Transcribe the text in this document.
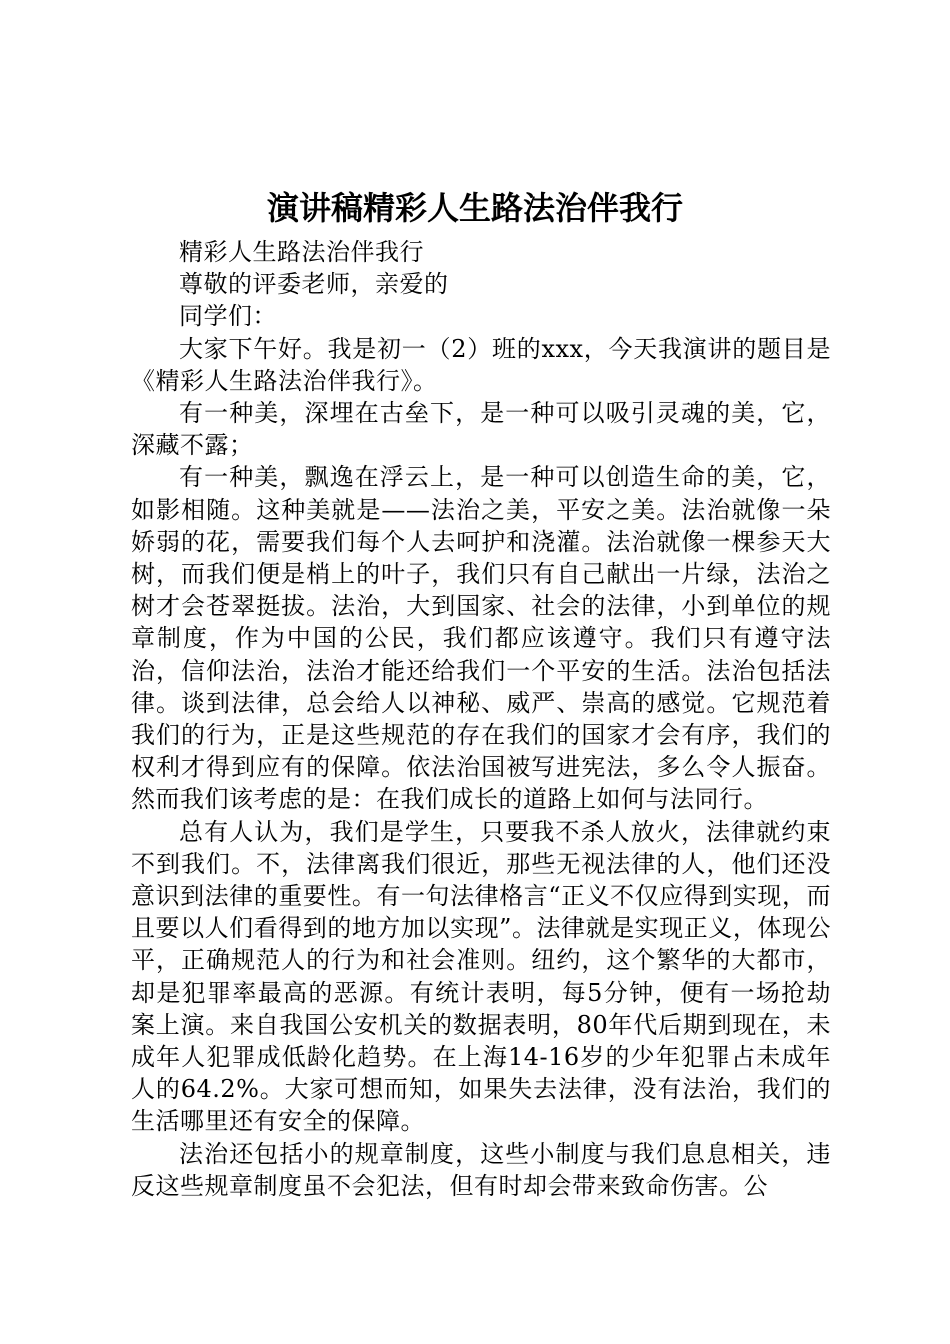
演讲稿精彩人生路法治伴我行

精彩人生路法治伴我行

尊敬的评委老师，亲爱的

同学们：

大家下午好。我是初一（2）班的xxx，今天我演讲的题目是《精彩人生路法治伴我行》。

有一种美，深埋在古垒下，是一种可以吸引灵魂的美，它，深藏不露；

有一种美，飘逸在浮云上，是一种可以创造生命的美，它，如影相随。这种美就是——法治之美，平安之美。法治就像一朵娇弱的花，需要我们每个人去呵护和浇灌。法治就像一棵参天大树，而我们便是梢上的叶子，我们只有自己献出一片绿，法治之树才会苍翠挺拔。法治，大到国家、社会的法律，小到单位的规章制度，作为中国的公民，我们都应该遵守。我们只有遵守法治，信仰法治，法治才能还给我们一个平安的生活。法治包括法律。谈到法律，总会给人以神秘、威严、崇高的感觉。它规范着我们的行为，正是这些规范的存在我们的国家才会有序，我们的权利才得到应有的保障。依法治国被写进宪法，多么令人振奋。然而我们该考虑的是：在我们成长的道路上如何与法同行。

总有人认为，我们是学生，只要我不杀人放火，法律就约束不到我们。不，法律离我们很近，那些无视法律的人，他们还没意识到法律的重要性。有一句法律格言“正义不仅应得到实现，而且要以人们看得到的地方加以实现”。法律就是实现正义，体现公平，正确规范人的行为和社会准则。纽约，这个繁华的大都市，却是犯罪率最高的恶源。有统计表明，每5分钟，便有一场抢劫案上演。来自我国公安机关的数据表明，80年代后期到现在，未成年人犯罪成低龄化趋势。在上海14-16岁的少年犯罪占未成年人的64.2%。大家可想而知，如果失去法律，没有法治，我们的生活哪里还有安全的保障。

法治还包括小的规章制度，这些小制度与我们息息相关，违反这些规章制度虽不会犯法，但有时却会带来致命伤害。公
